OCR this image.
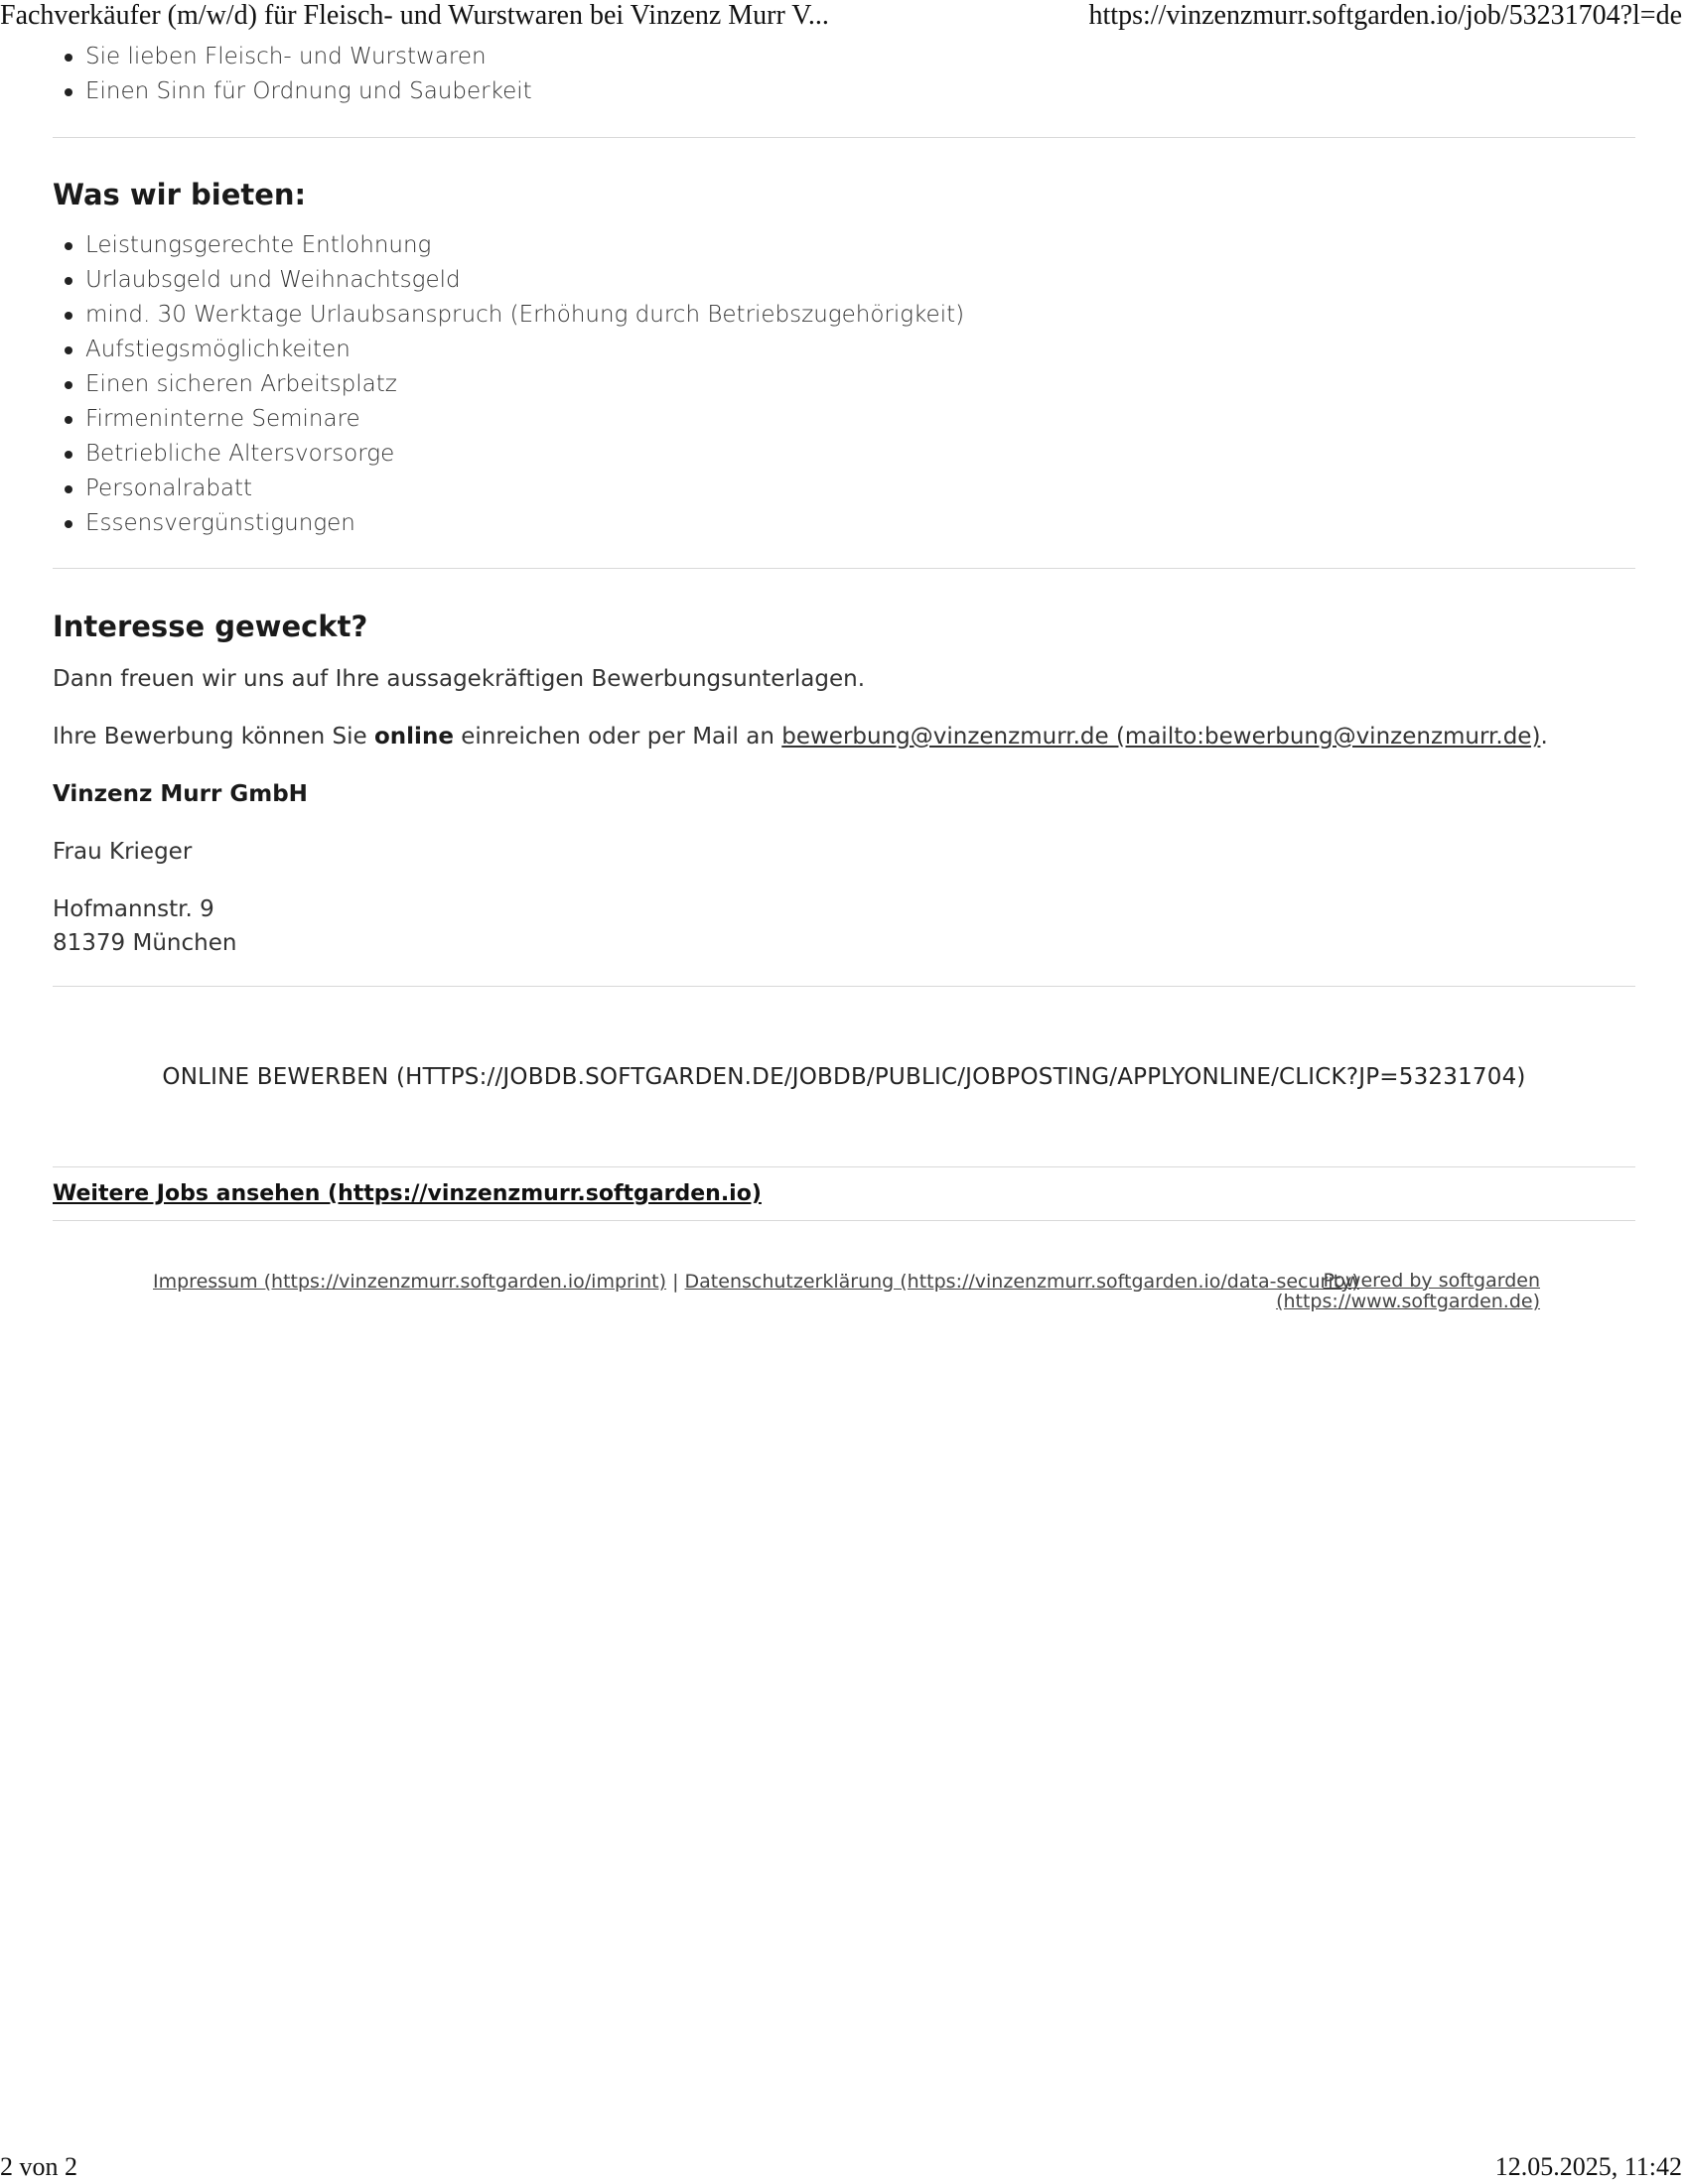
Fachverkäufer (m/w/d) für Fleisch- und Wurstwaren bei Vinzenz Murr V...	https://vinzenzmurr.softgarden.io/job/53231704?l=de
Sie lieben Fleisch- und Wurstwaren
Einen Sinn für Ordnung und Sauberkeit
Was wir bieten:
Leistungsgerechte Entlohnung
Urlaubsgeld und Weihnachtsgeld
mind. 30 Werktage Urlaubsanspruch (Erhöhung durch Betriebszugehörigkeit)
Aufstiegsmöglichkeiten
Einen sicheren Arbeitsplatz
Firmeninterne Seminare
Betriebliche Altersvorsorge
Personalrabatt
Essensvergünstigungen
Interesse geweckt?

Dann freuen wir uns auf Ihre aussagekräftigen Bewerbungsunterlagen.

Ihre Bewerbung können Sie online einreichen oder per Mail an bewerbung@vinzenzmurr.de (mailto:bewerbung@vinzenzmurr.de).

Vinzenz Murr GmbH

Frau Krieger

Hofmannstr. 9

81379 München

ONLINE BEWERBEN (HTTPS://JOBDB.SOFTGARDEN.DE/JOBDB/PUBLIC/JOBPOSTING/APPLYONLINE/CLICK?JP=53231704)
Weitere Jobs ansehen (https://vinzenzmurr.softgarden.io)
Impressum (https://vinzenzmurr.softgarden.io/imprint) | Datenschutzerklärung (https://vinzenzmurr.softgarden.io/data-security)
Powered by softgarden
(https://www.softgarden.de)
2 von 2	12.05.2025, 11:42
